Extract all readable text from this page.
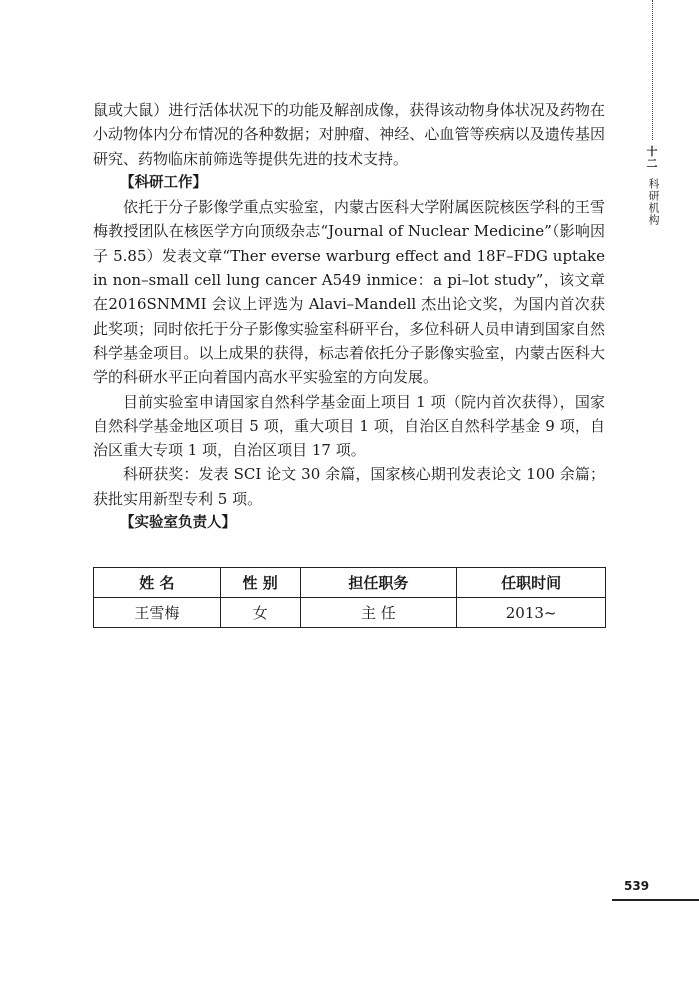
十二
科研机构

鼠或大鼠）进行活体状况下的功能及解剖成像，获得该动物身体状况及药物在小动物体内分布情况的各种数据；对肿瘤、神经、心血管等疾病以及遗传基因研究、药物临床前筛选等提供先进的技术支持。

【科研工作】

依托于分子影像学重点实验室，内蒙古医科大学附属医院核医学科的王雪梅教授团队在核医学方向顶级杂志“Journal of Nuclear Medicine”（影响因子 5.85）发表文章“Ther everse warburg effect and 18F–FDG uptake in non–small cell lung cancer A549 inmice：a pi–lot study”，该文章在2016SNMMI 会议上评选为 Alavi–Mandell 杰出论文奖，为国内首次获此奖项；同时依托于分子影像实验室科研平台，多位科研人员申请到国家自然科学基金项目。以上成果的获得，标志着依托分子影像实验室，内蒙古医科大学的科研水平正向着国内高水平实验室的方向发展。

目前实验室申请国家自然科学基金面上项目 1 项（院内首次获得），国家自然科学基金地区项目 5 项，重大项目 1 项，自治区自然科学基金 9 项，自治区重大专项 1 项，自治区项目 17 项。

科研获奖：发表 SCI 论文 30 余篇，国家核心期刊发表论文 100 余篇；获批实用新型专利 5 项。

【实验室负责人】

姓 名	性 别	担任职务	任职时间
王雪梅	女	主 任	2013~
539
